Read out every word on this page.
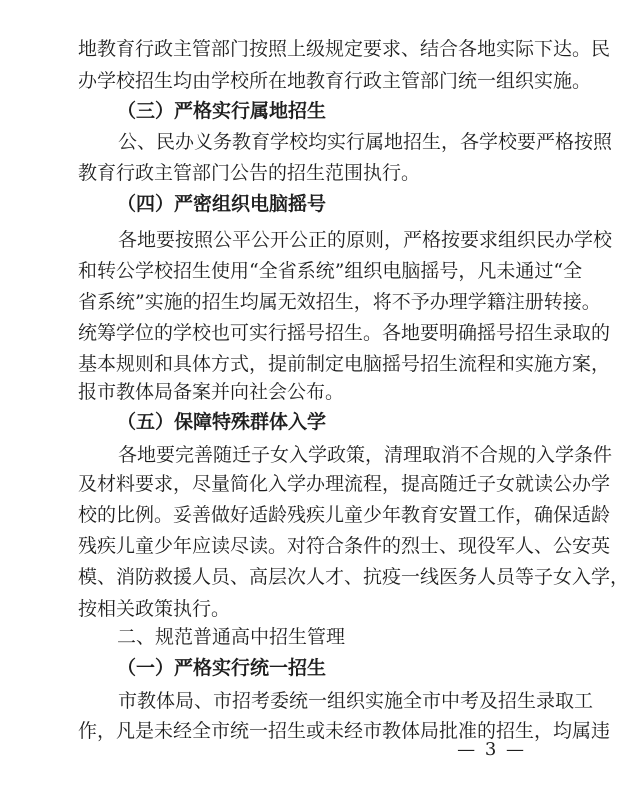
地教育行政主管部门按照上级规定要求、结合各地实际下达。民
办学校招生均由学校所在地教育行政主管部门统一组织实施。
（三）严格实行属地招生
公、民办义务教育学校均实行属地招生，各学校要严格按照
教育行政主管部门公告的招生范围执行。
（四）严密组织电脑摇号
各地要按照公平公开公正的原则，严格按要求组织民办学校
和转公学校招生使用“全省系统”组织电脑摇号，凡未通过“全
省系统”实施的招生均属无效招生，将不予办理学籍注册转接。
统筹学位的学校也可实行摇号招生。各地要明确摇号招生录取的
基本规则和具体方式，提前制定电脑摇号招生流程和实施方案，
报市教体局备案并向社会公布。
（五）保障特殊群体入学
各地要完善随迁子女入学政策，清理取消不合规的入学条件
及材料要求，尽量简化入学办理流程，提高随迁子女就读公办学
校的比例。妥善做好适龄残疾儿童少年教育安置工作，确保适龄
残疾儿童少年应读尽读。对符合条件的烈士、现役军人、公安英
模、消防救援人员、高层次人才、抗疫一线医务人员等子女入学，
按相关政策执行。
二、规范普通高中招生管理
（一）严格实行统一招生
市教体局、市招考委统一组织实施全市中考及招生录取工
作，凡是未经全市统一招生或未经市教体局批准的招生，均属违
— 3 —
